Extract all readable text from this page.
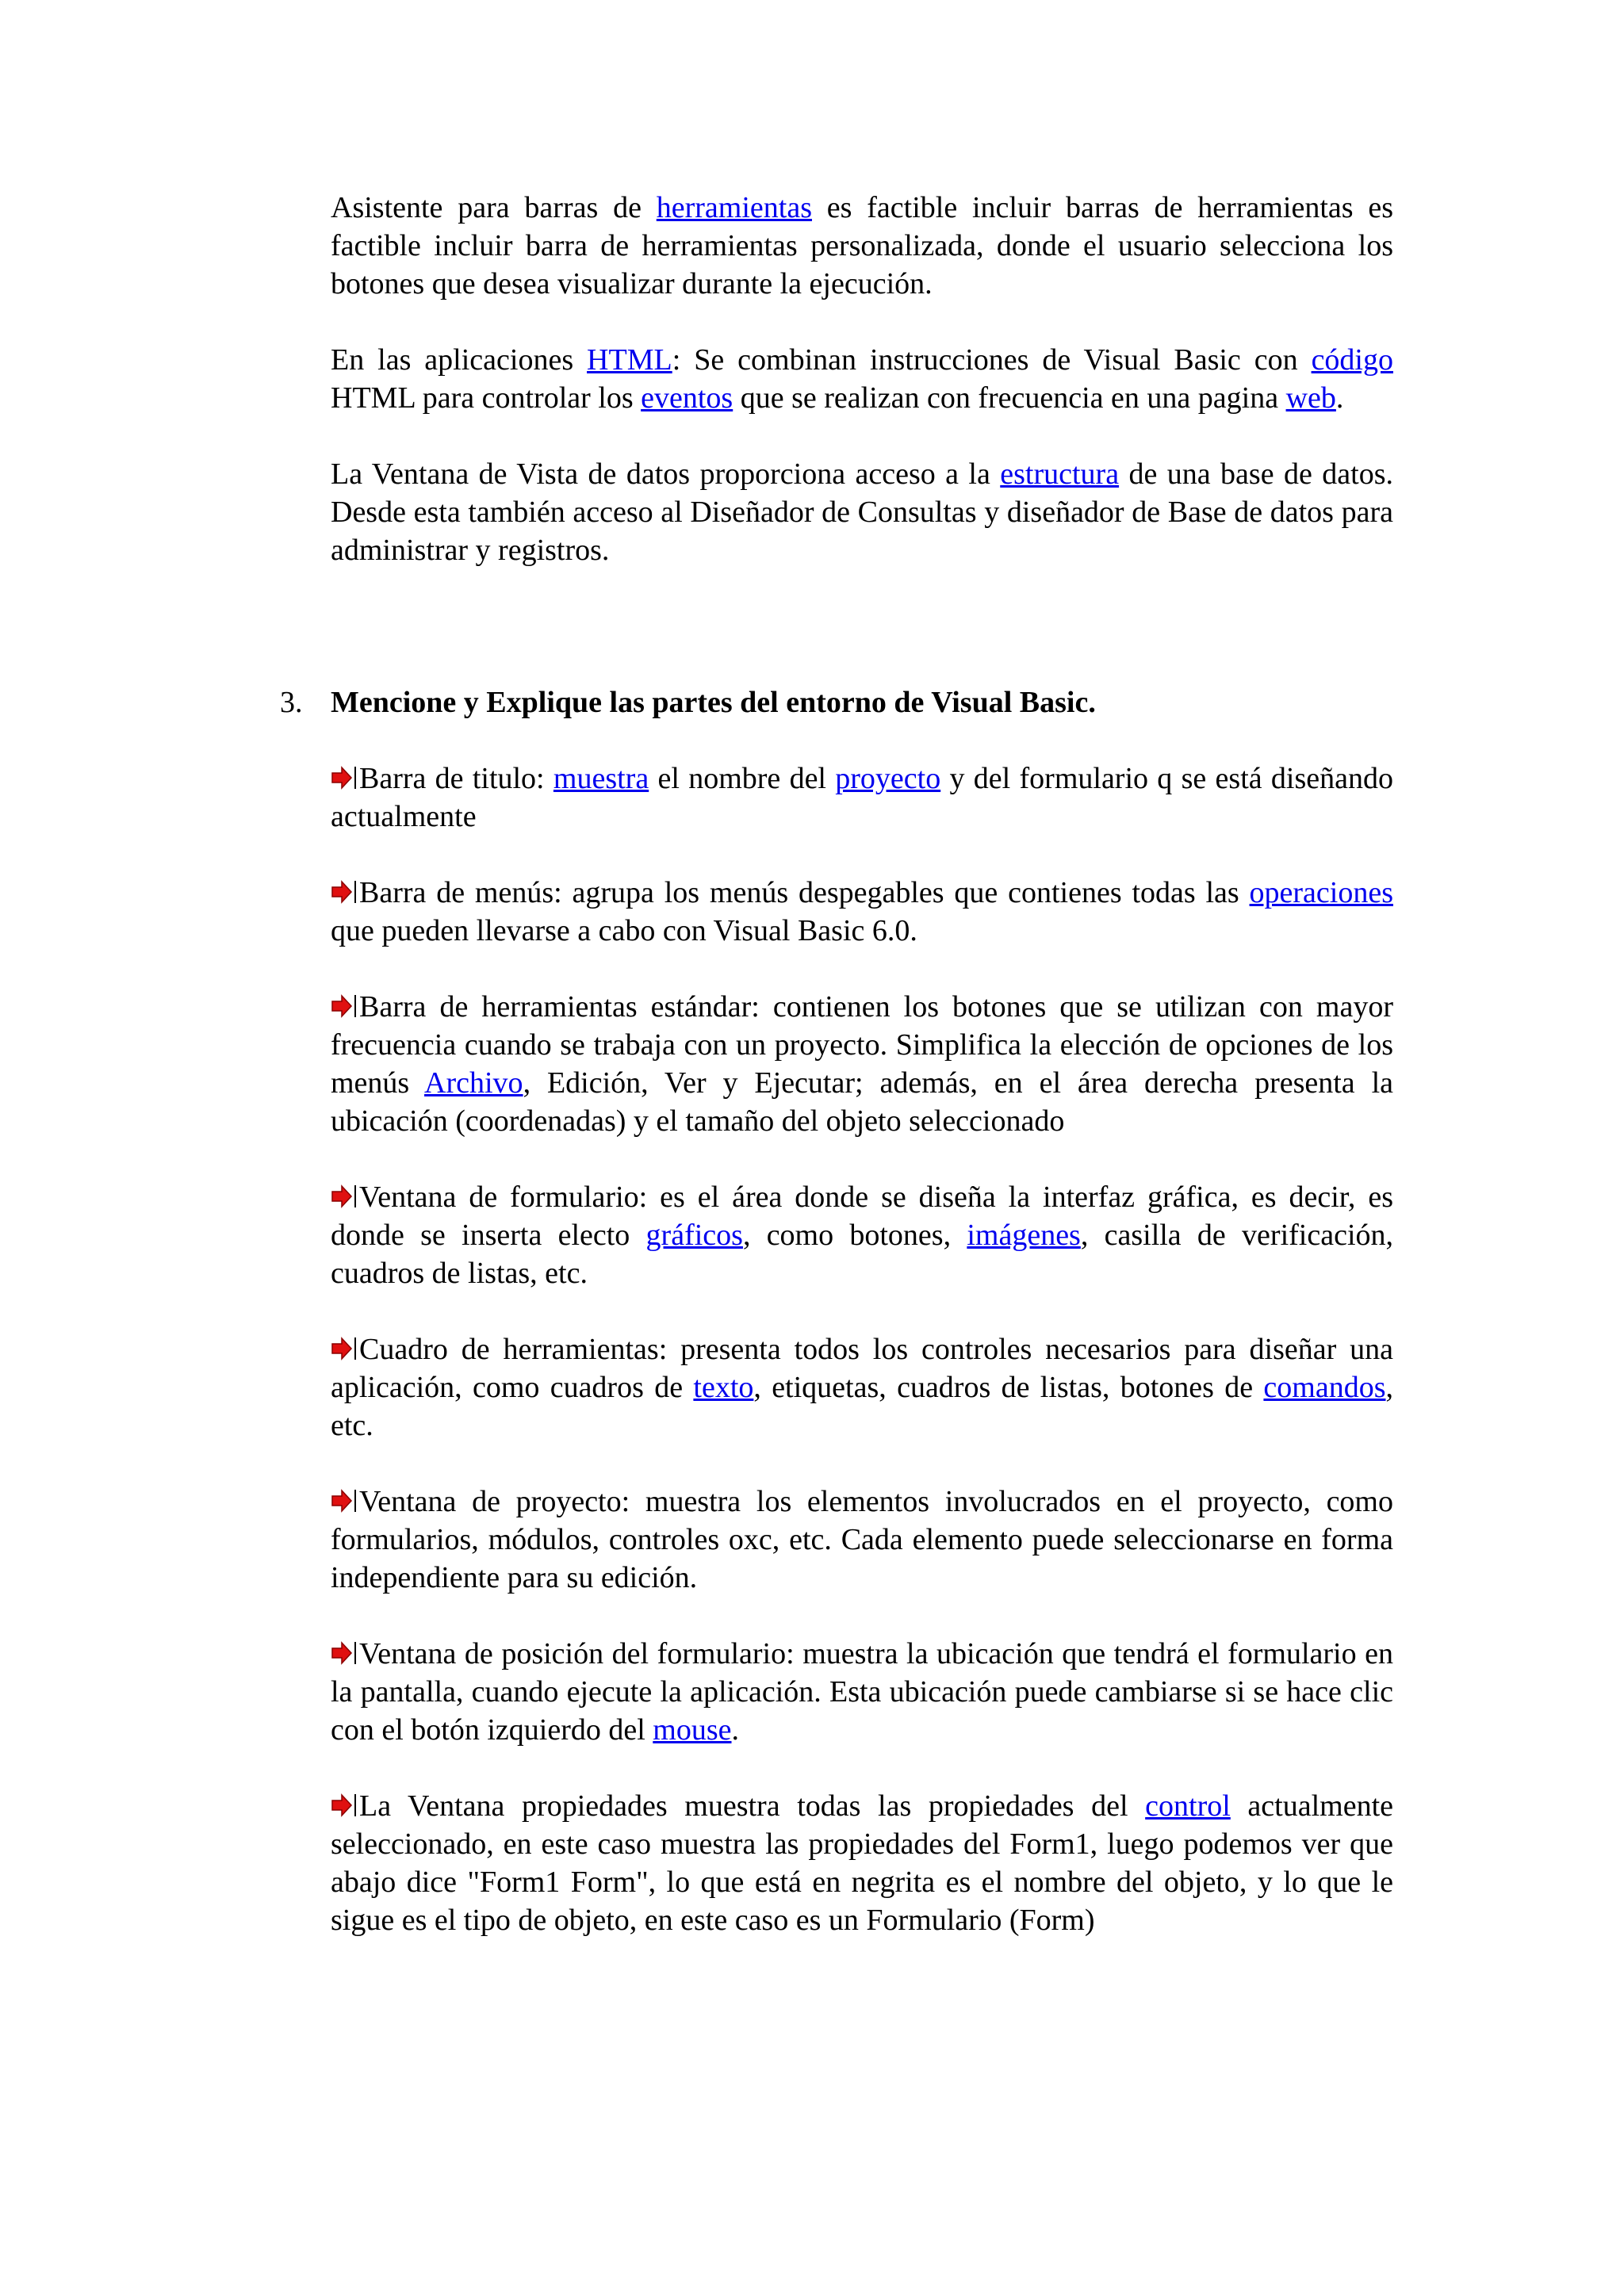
Asistente para barras de herramientas es factible incluir barras de herramientas es factible incluir barra de herramientas personalizada, donde el usuario selecciona los botones que desea visualizar durante la ejecución.

En las aplicaciones HTML: Se combinan instrucciones de Visual Basic con código HTML para controlar los eventos que se realizan con frecuencia en una pagina web.

La Ventana de Vista de datos proporciona acceso a la estructura de una base de datos. Desde esta también acceso al Diseñador de Consultas y diseñador de Base de datos para administrar y registros.

3. Mencione y Explique las partes del entorno de Visual Basic.

Barra de titulo: muestra el nombre del proyecto y del formulario q se está diseñando actualmente

Barra de menús: agrupa los menús despegables que contienes todas las operaciones que pueden llevarse a cabo con Visual Basic 6.0.

Barra de herramientas estándar: contienen los botones que se utilizan con mayor frecuencia cuando se trabaja con un proyecto. Simplifica la elección de opciones de los menús Archivo, Edición, Ver y Ejecutar; además, en el área derecha presenta la ubicación (coordenadas) y el tamaño del objeto seleccionado

Ventana de formulario: es el área donde se diseña la interfaz gráfica, es decir, es donde se inserta electo gráficos, como botones, imágenes, casilla de verificación, cuadros de listas, etc.

Cuadro de herramientas: presenta todos los controles necesarios para diseñar una aplicación, como cuadros de texto, etiquetas, cuadros de listas, botones de comandos, etc.

Ventana de proyecto: muestra los elementos involucrados en el proyecto, como formularios, módulos, controles oxc, etc. Cada elemento puede seleccionarse en forma independiente para su edición.

Ventana de posición del formulario: muestra la ubicación que tendrá el formulario en la pantalla, cuando ejecute la aplicación. Esta ubicación puede cambiarse si se hace clic con el botón izquierdo del mouse.

La Ventana propiedades muestra todas las propiedades del control actualmente seleccionado, en este caso muestra las propiedades del Form1, luego podemos ver que abajo dice "Form1 Form", lo que está en negrita es el nombre del objeto, y lo que le sigue es el tipo de objeto, en este caso es un Formulario (Form)
